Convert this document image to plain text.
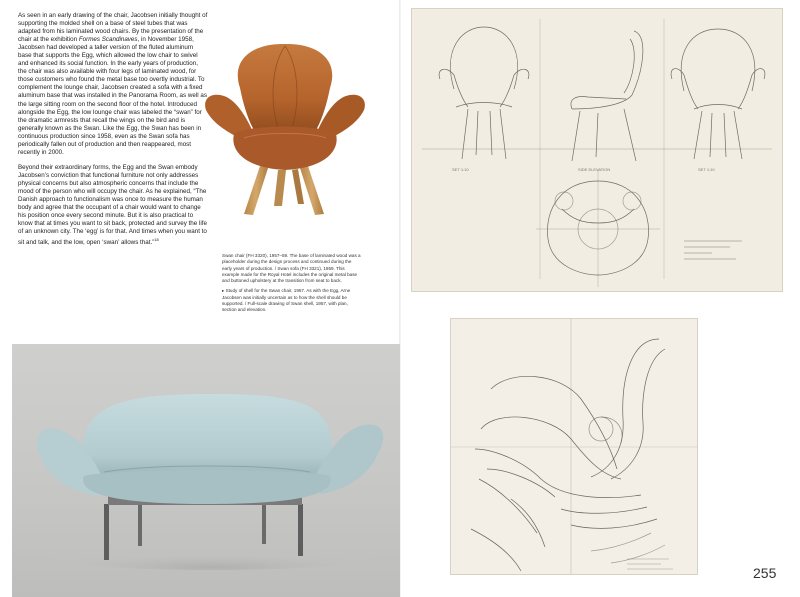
As seen in an early drawing of the chair, Jacobsen initially thought of supporting the molded shell on a base of steel tubes that was adapted from his laminated wood chairs. By the presentation of the chair at the exhibition Formes Scandinaves, in November 1958, Jacobsen had developed a taller version of the fluted aluminum base that supports the Egg, which allowed the low chair to swivel and enhanced its social function. In the early years of production, the chair was also available with four legs of laminated wood, for those customers who found the metal base too overtly industrial. To complement the lounge chair, Jacobsen created a sofa with a fixed aluminum base that was installed in the Panorama Room, as well as the large sitting room on the second floor of the hotel. Introduced alongside the Egg, the low lounge chair was labeled the “swan” for the dramatic armrests that recall the wings on the bird and is generally known as the Swan. Like the Egg, the Swan has been in continuous production since 1958, even as the Swan sofa has periodically fallen out of production and then reappeared, most recently in 2000.

Beyond their extraordinary forms, the Egg and the Swan embody Jacobsen’s conviction that functional furniture not only addresses physical concerns but also atmospheric concerns that include the mood of the person who will occupy the chair. As he explained, “The Danish approach to functionalism was once to measure the human body and agree that the occupant of a chair would want to change his position once every second minute. But it is also practical to know that at times you want to sit back, protected and survey the life of an unknown city. The ‘egg’ is for that. And times when you want to sit and talk, and the low, open ‘swan’ allows that.”$^{18}$

Swan chair (FH 3320), 1957–59. The base of laminated wood was a placeholder during the design process and continued during the early years of production. / Swan sofa (FH 3321), 1959. This example made for the Royal Hotel includes the original metal base and buttoned upholstery at the transition from seat to back.

▸ Study of shell for the Swan chair, 1957. As with the Egg, Arne Jacobsen was initially uncertain as to how the shell should be supported. / Full-scale drawing of Swan shell, 1957, with plan, section and elevation.

SET 1:10	SIDE ELEVATION	SET 1:10
255
